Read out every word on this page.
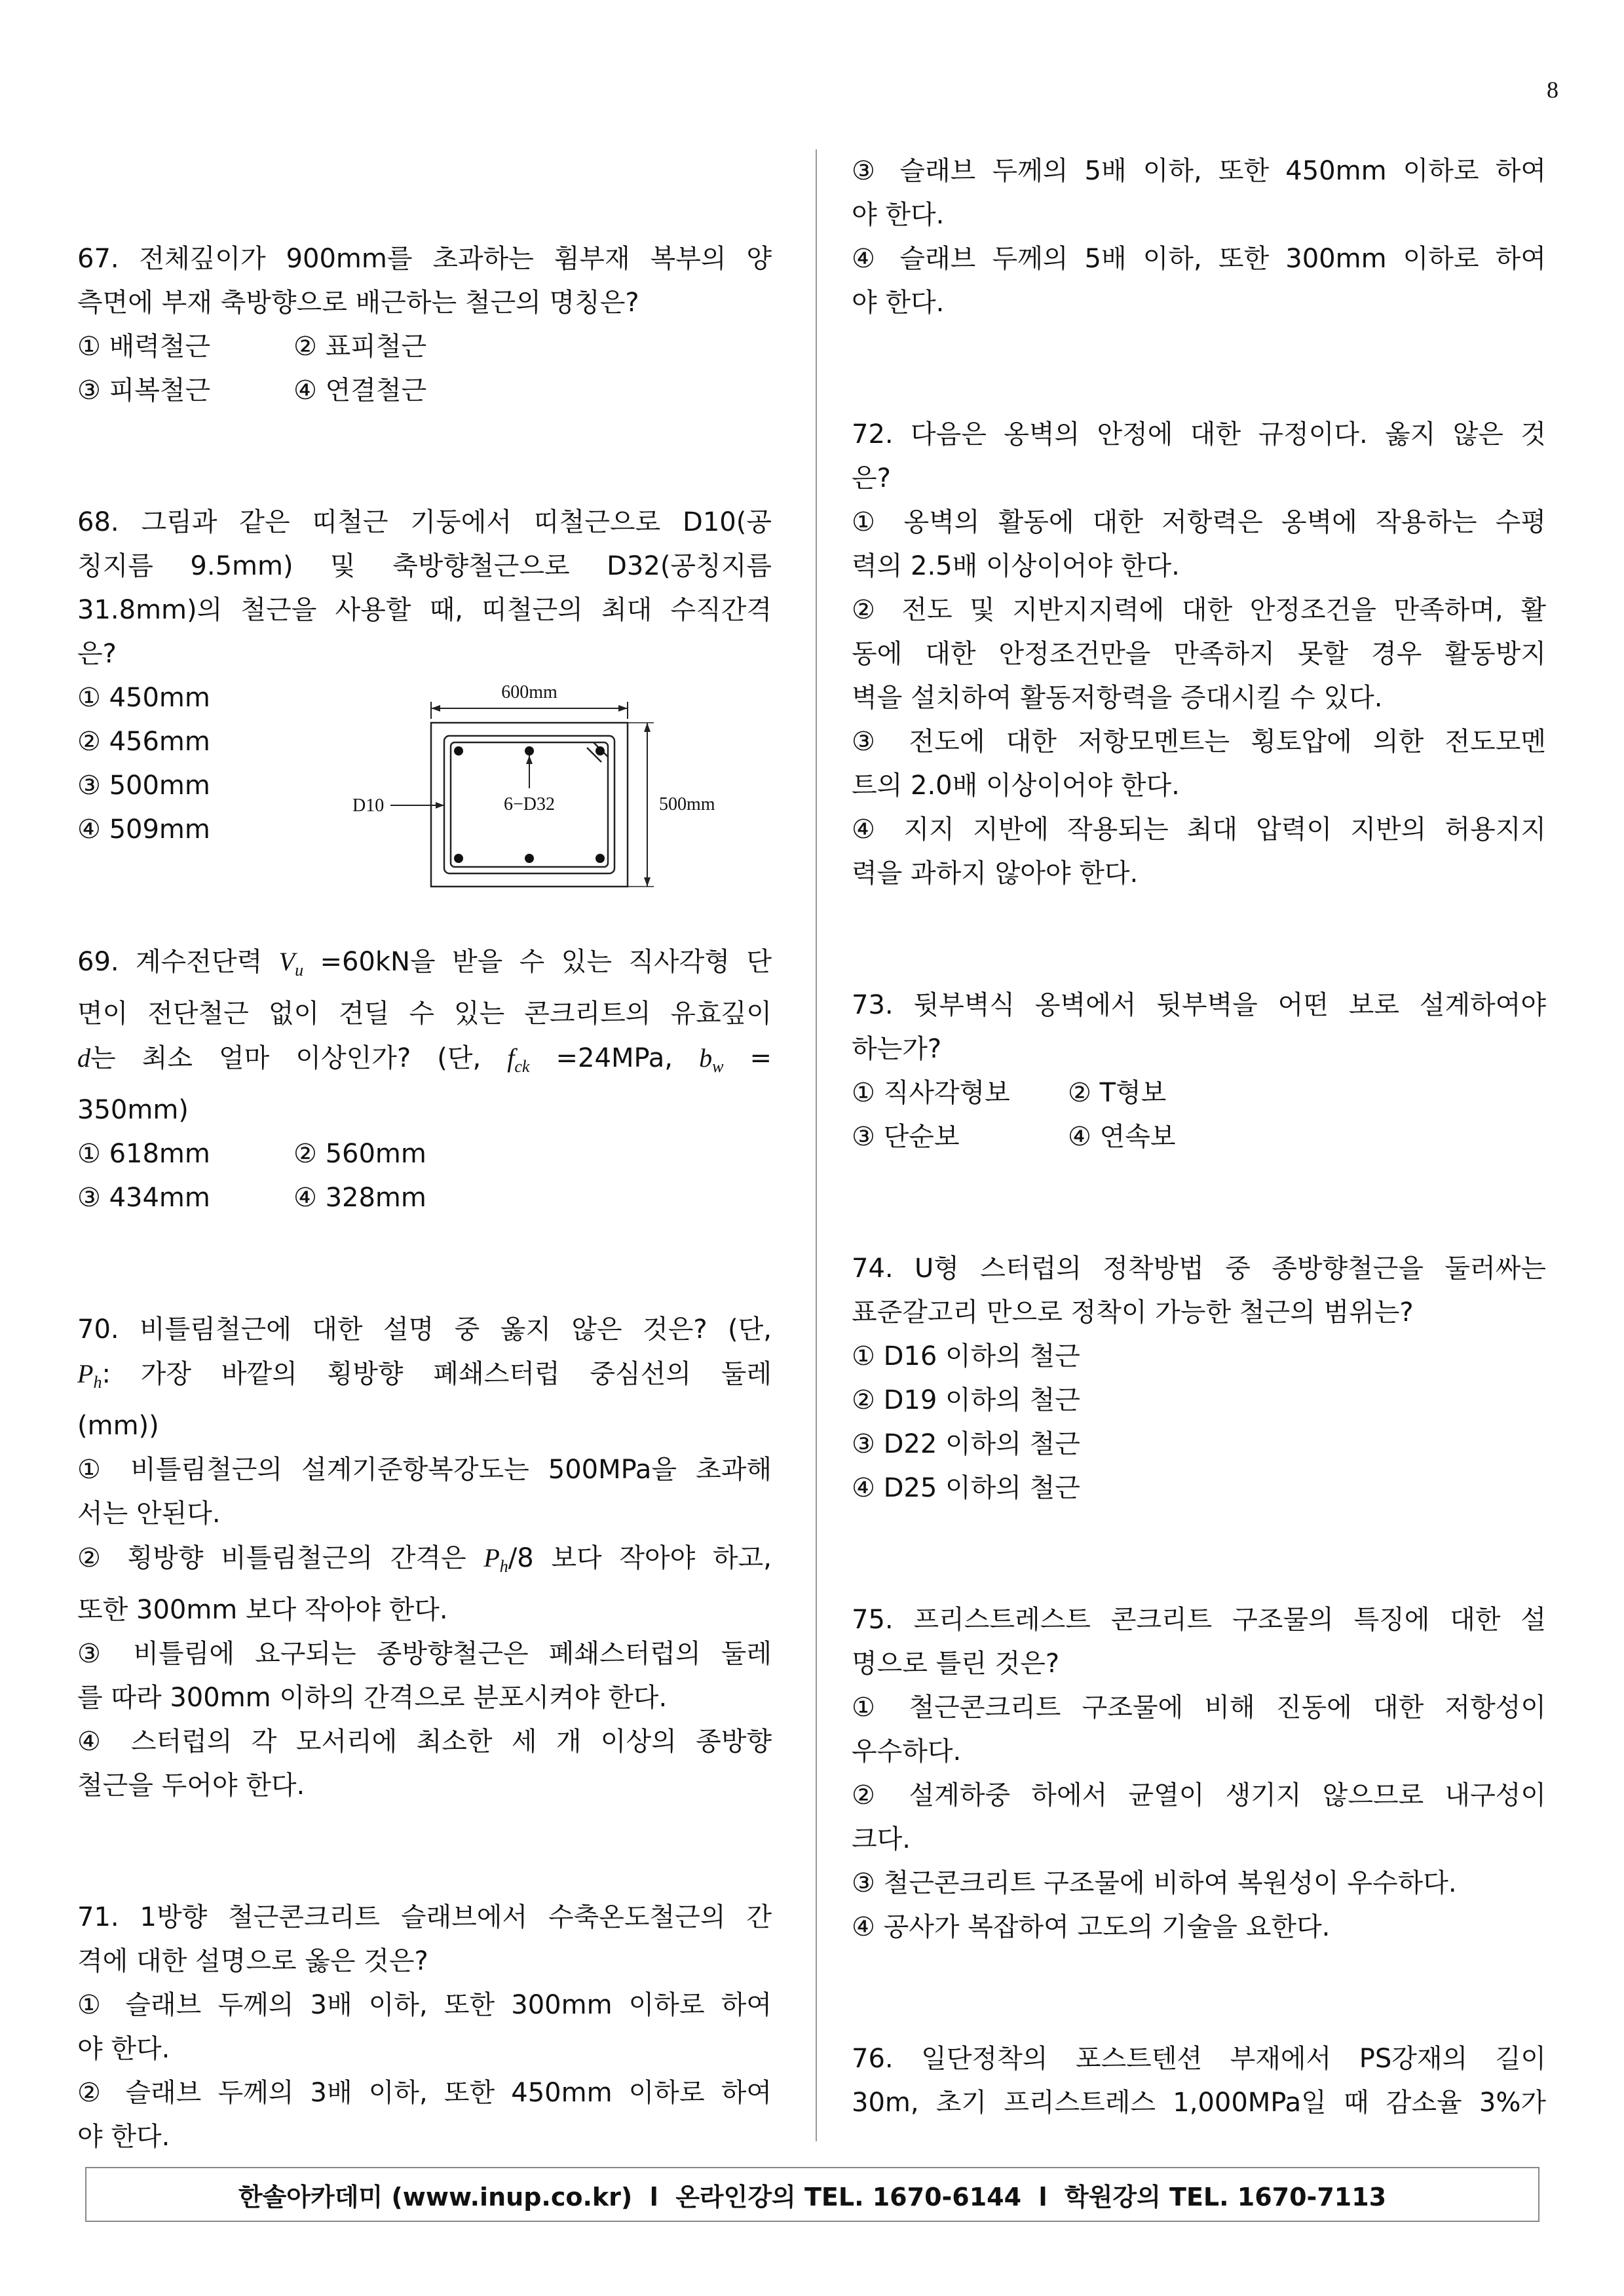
8
67. 전체깊이가 900mm를 초과하는 휨부재 복부의 양
측면에 부재 축방향으로 배근하는 철근의 명칭은?
① 배력철근	② 표피철근
③ 피복철근	④ 연결철근
68. 그림과 같은 띠철근 기둥에서 띠철근으로 D10(공
칭지름 9.5mm) 및 축방향철근으로 D32(공칭지름
31.8mm)의 철근을 사용할 때, 띠철근의 최대 수직간격
은?
① 450mm
② 456mm
③ 500mm
④ 509mm
600mm
6−D32
D10	500mm
69. 계수전단력 $V_u =60kN$을 받을 수 있는 직사각형 단
면이 전단철근 없이 견딜 수 있는 콘크리트의 유효깊이
d는 최소 얼마 이상인가? (단, $f_{ck} =24MPa$, $b_w$ =
350mm)
① 618mm	② 560mm
③ 434mm	④ 328mm
70. 비틀림철근에 대한 설명 중 옳지 않은 것은? (단,
$P_h$: 가장 바깥의 횡방향 폐쇄스터럽 중심선의 둘레
(mm))
① 비틀림철근의 설계기준항복강도는 500MPa을 초과해
서는 안된다.
② 횡방향 비틀림철근의 간격은 $P_h/8$ 보다 작아야 하고,
또한 300mm 보다 작아야 한다.
③ 비틀림에 요구되는 종방향철근은 폐쇄스터럽의 둘레
를 따라 300mm 이하의 간격으로 분포시켜야 한다.
④ 스터럽의 각 모서리에 최소한 세 개 이상의 종방향
철근을 두어야 한다.
71. 1방향 철근콘크리트 슬래브에서 수축온도철근의 간
격에 대한 설명으로 옳은 것은?
① 슬래브 두께의 3배 이하, 또한 300mm 이하로 하여
야 한다.
② 슬래브 두께의 3배 이하, 또한 450mm 이하로 하여
야 한다.
③ 슬래브 두께의 5배 이하, 또한 450mm 이하로 하여
야 한다.
④ 슬래브 두께의 5배 이하, 또한 300mm 이하로 하여
야 한다.
72. 다음은 옹벽의 안정에 대한 규정이다. 옳지 않은 것
은?
① 옹벽의 활동에 대한 저항력은 옹벽에 작용하는 수평
력의 2.5배 이상이어야 한다.
② 전도 및 지반지지력에 대한 안정조건을 만족하며, 활
동에 대한 안정조건만을 만족하지 못할 경우 활동방지
벽을 설치하여 활동저항력을 증대시킬 수 있다.
③ 전도에 대한 저항모멘트는 횡토압에 의한 전도모멘
트의 2.0배 이상이어야 한다.
④ 지지 지반에 작용되는 최대 압력이 지반의 허용지지
력을 과하지 않아야 한다.
73. 뒷부벽식 옹벽에서 뒷부벽을 어떤 보로 설계하여야
하는가?
① 직사각형보	② T형보
③ 단순보	④ 연속보
74. U형 스터럽의 정착방법 중 종방향철근을 둘러싸는
표준갈고리 만으로 정착이 가능한 철근의 범위는?
① D16 이하의 철근
② D19 이하의 철근
③ D22 이하의 철근
④ D25 이하의 철근
75. 프리스트레스트 콘크리트 구조물의 특징에 대한 설
명으로 틀린 것은?
① 철근콘크리트 구조물에 비해 진동에 대한 저항성이
우수하다.
② 설계하중 하에서 균열이 생기지 않으므로 내구성이
크다.
③ 철근콘크리트 구조물에 비하여 복원성이 우수하다.
④ 공사가 복잡하여 고도의 기술을 요한다.
76. 일단정착의 포스트텐션 부재에서 PS강재의 길이
30m, 초기 프리스트레스 1,000MPa일 때 감소율 3%가
한솔아카데미 (www.inup.co.kr)  l  온라인강의 TEL. 1670-6144  l  학원강의 TEL. 1670-7113
